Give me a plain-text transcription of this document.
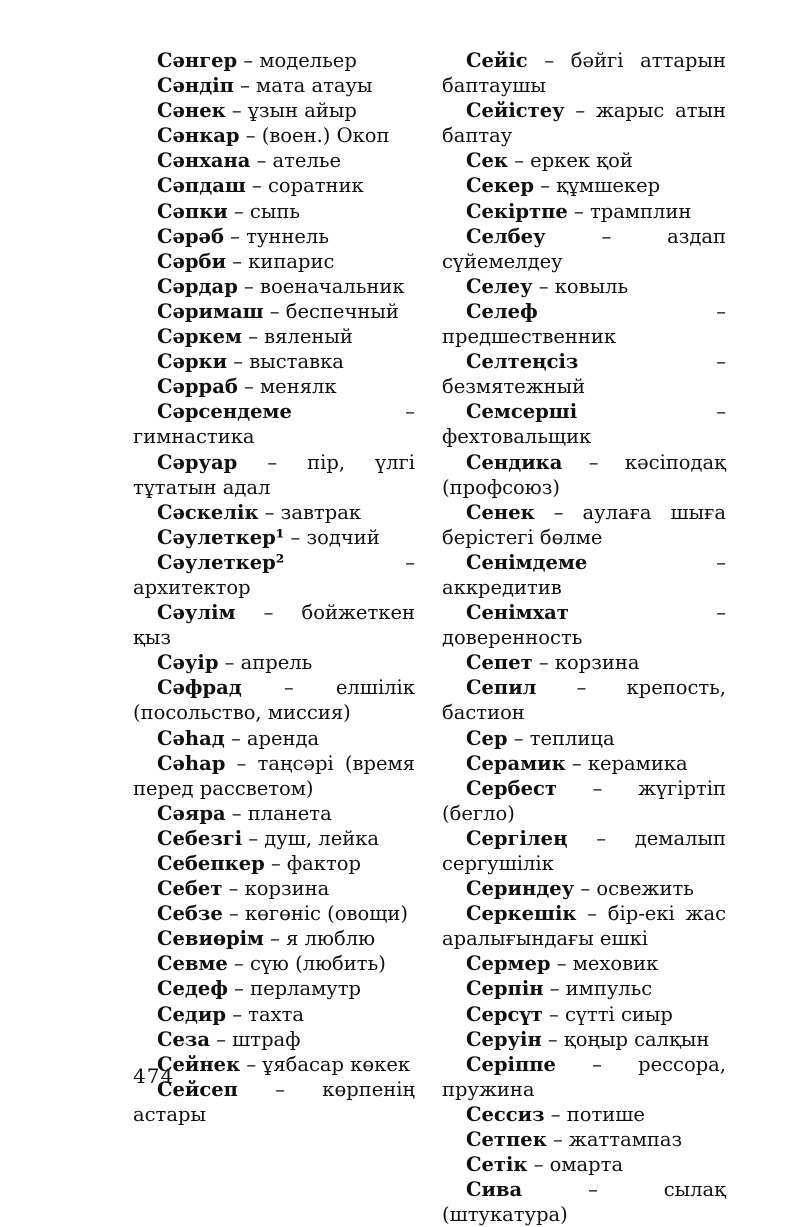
Сәнгер – модельер
Сәндіп – мата атауы
Сәнек – ұзын айыр
Сәнкар – (воен.) Окоп
Сәнхана – ателье
Сәпдаш – соратник
Сәпки – сыпь
Сәрәб – туннель
Сәрби – кипарис
Сәрдар – военачальник
Сәримаш – беспечный
Сәркем – вяленый
Сәрки – выставка
Сәрраб – менялк
Сәрсендеме – гимнастика
Сәруар – пір, үлгі тұтатын адал
Сәскелік – завтрак
Сәулеткер¹ – зодчий
Сәулеткер² – архитектор
Сәулім – бойжеткен қыз
Сәуір – апрель
Сәфрад – елшілік (посольство, миссия)
Сәһад – аренда
Сәһар – таңсәрі (время перед рассветом)
Сәяра – планета
Себезгі – душ, лейка
Себепкер – фактор
Себет – корзина
Себзе – көгөніс (овощи)
Севиөрім – я люблю
Севме – сүю (любить)
Седеф – перламутр
Седир – тахта
Сеза – штраф
Сейнек – ұябасар көкек
Сейсеп – көрпенің астары
Сейіс – бәйгі аттарын баптаушы
Сейістеу – жарыс атын баптау
Сек – еркек қой
Секер – құмшекер
Секіртпе – трамплин
Селбеу – аздап сүйемелдеу
Селеу – ковыль
Селеф – предшественник
Селтеңсіз – безмятежный
Семсерші – фехтовальщик
Сендика – кәсіподақ (профсоюз)
Сенек – аулаға шыға берістегі бөлме
Сенімдеме – аккредитив
Сенімхат – доверенность
Сепет – корзина
Сепил – крепость, бастион
Сер – теплица
Серамик – керамика
Сербест – жүгіртіп (бегло)
Сергілең – демалып сергушілік
Сериндеу – освежить
Серкешік – бір-екі жас аралығындағы ешкі
Сермер – меховик
Серпін – импульс
Серсүт – сүтті сиыр
Серуін – қоңыр салқын
Серіппе – рессора, пружина
Сессиз – потише
Сетпек – жаттампаз
Сетік – омарта
Сива – сылақ (штукатура)
474
